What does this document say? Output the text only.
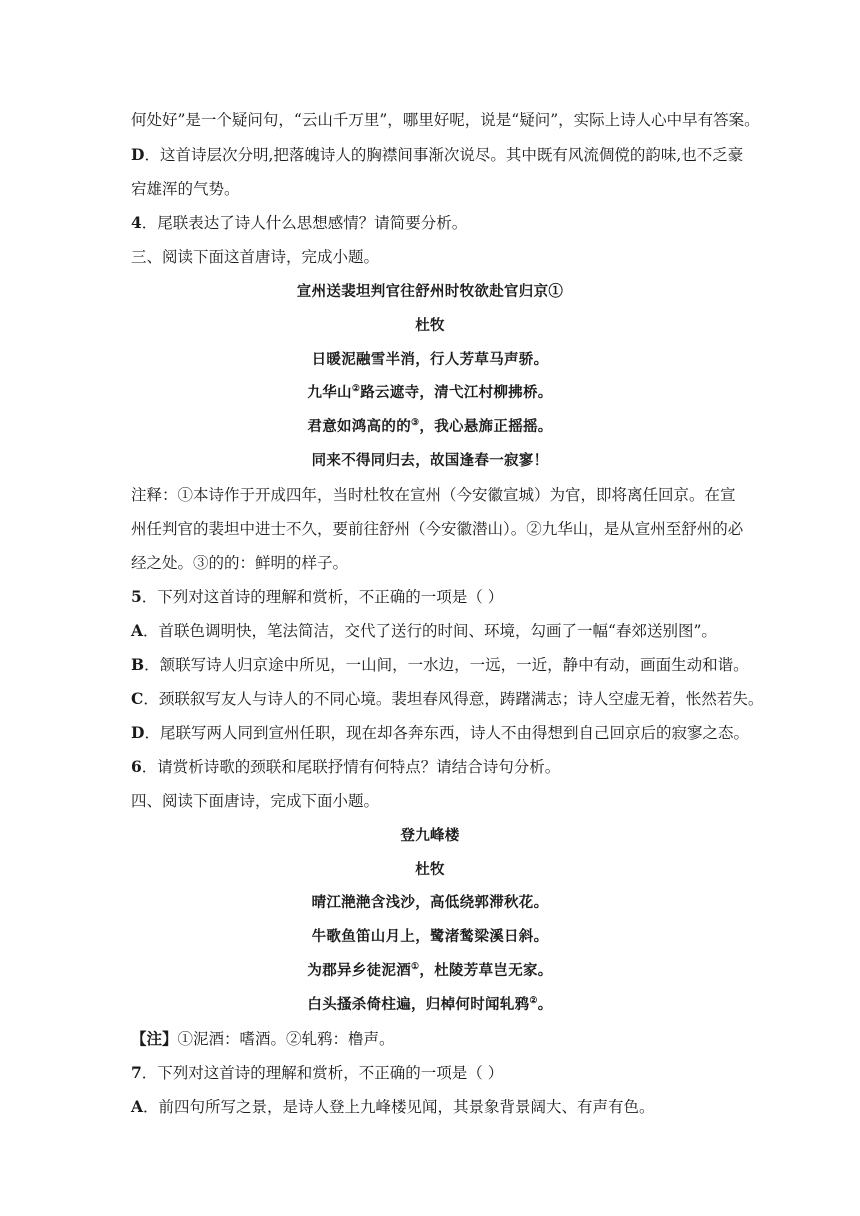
何处好”是一个疑问句，“云山千万里”，哪里好呢，说是“疑问”，实际上诗人心中早有答案。
D．这首诗层次分明,把落魄诗人的胸襟间事渐次说尽。其中既有风流倜傥的韵味,也不乏豪
宕雄浑的气势。
4．尾联表达了诗人什么思想感情？请简要分析。
三、阅读下面这首唐诗，完成小题。
宣州送裴坦判官往舒州时牧欲赴官归京①
杜牧
日暖泥融雪半消，行人芳草马声骄。
九华山②路云遮寺，清弋江村柳拂桥。
君意如鸿高的的③，我心悬旆正摇摇。
同来不得同归去，故国逢春一寂寥！
注释：①本诗作于开成四年，当时杜牧在宣州（今安徽宣城）为官，即将离任回京。在宣
州任判官的裴坦中进士不久，要前往舒州（今安徽潜山）。②九华山，是从宣州至舒州的必
经之处。③的的：鲜明的样子。
5．下列对这首诗的理解和赏析，不正确的一项是（ ）
A．首联色调明快，笔法简洁，交代了送行的时间、环境，勾画了一幅“春郊送别图”。
B．颔联写诗人归京途中所见，一山间，一水边，一远，一近，静中有动，画面生动和谐。
C．颈联叙写友人与诗人的不同心境。裴坦春风得意，踌躇满志；诗人空虚无着，怅然若失。
D．尾联写两人同到宣州任职，现在却各奔东西，诗人不由得想到自己回京后的寂寥之态。
6．请赏析诗歌的颈联和尾联抒情有何特点？请结合诗句分析。
四、阅读下面唐诗，完成下面小题。
登九峰楼
杜牧
晴江滟滟含浅沙，高低绕郭滞秋花。
牛歌鱼笛山月上，鹭渚鹙梁溪日斜。
为郡异乡徒泥酒①，杜陵芳草岂无家。
白头搔杀倚柱遍，归棹何时闻轧鸦②。
【注】①泥酒：嗜酒。②轧鸦：橹声。
7．下列对这首诗的理解和赏析，不正确的一项是（ ）
A．前四句所写之景，是诗人登上九峰楼见闻，其景象背景阔大、有声有色。
